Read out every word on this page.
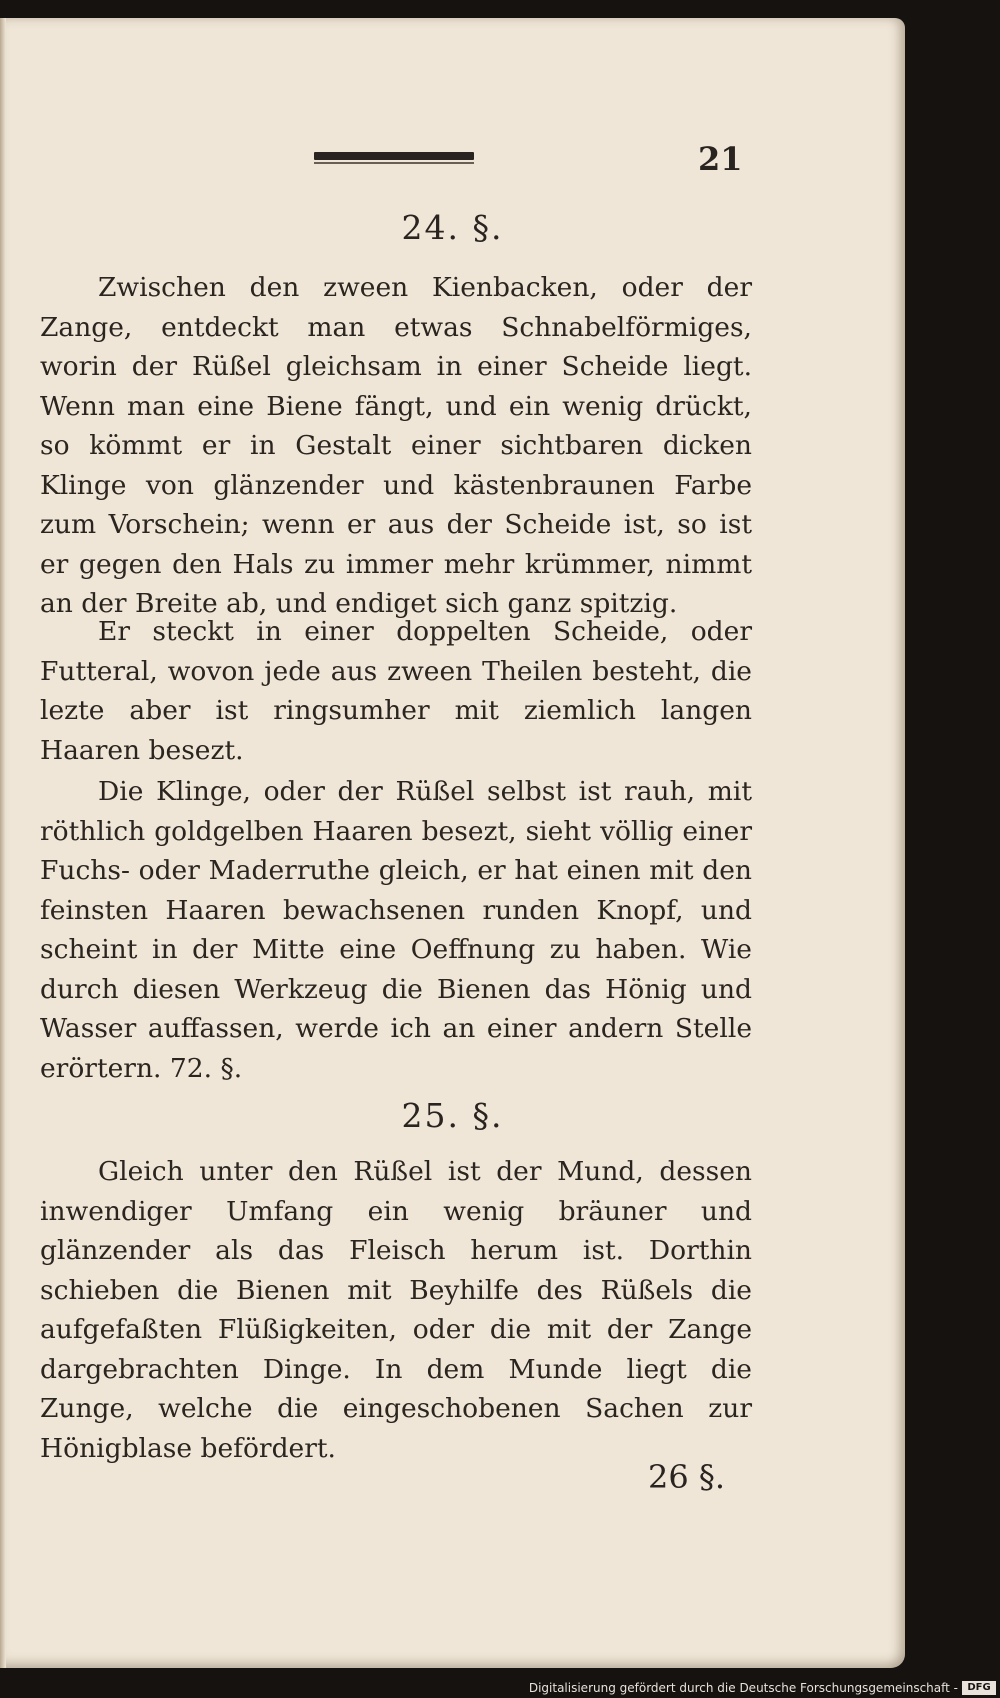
21
24. §.

Zwischen den zween Kienbacken, oder der Zange, entdeckt man etwas Schnabelförmiges, worin der Rüßel gleichsam in einer Scheide liegt. Wenn man eine Biene fängt, und ein wenig drückt, so kömmt er in Gestalt einer sichtbaren dicken Klinge von glänzender und kästenbraunen Farbe zum Vorschein; wenn er aus der Scheide ist, so ist er gegen den Hals zu immer mehr krümmer, nimmt an der Breite ab, und endiget sich ganz spitzig.

Er steckt in einer doppelten Scheide, oder Futteral, wovon jede aus zween Theilen besteht, die lezte aber ist ringsumher mit ziemlich langen Haaren besezt.

Die Klinge, oder der Rüßel selbst ist rauh, mit röthlich goldgelben Haaren besezt, sieht völlig einer Fuchs- oder Maderruthe gleich, er hat einen mit den feinsten Haaren bewachsenen runden Knopf, und scheint in der Mitte eine Oeffnung zu haben. Wie durch diesen Werkzeug die Bienen das Hönig und Wasser auffassen, werde ich an einer andern Stelle erörtern. 72. §.

25. §.

Gleich unter den Rüßel ist der Mund, dessen inwendiger Umfang ein wenig bräuner und glänzender als das Fleisch herum ist. Dorthin schieben die Bienen mit Beyhilfe des Rüßels die aufgefaßten Flüßigkeiten, oder die mit der Zange dargebrachten Dinge. In dem Munde liegt die Zunge, welche die eingeschobenen Sachen zur Hönigblase befördert.

26 §.
Digitalisierung gefördert durch die Deutsche Forschungsgemeinschaft - DFG
